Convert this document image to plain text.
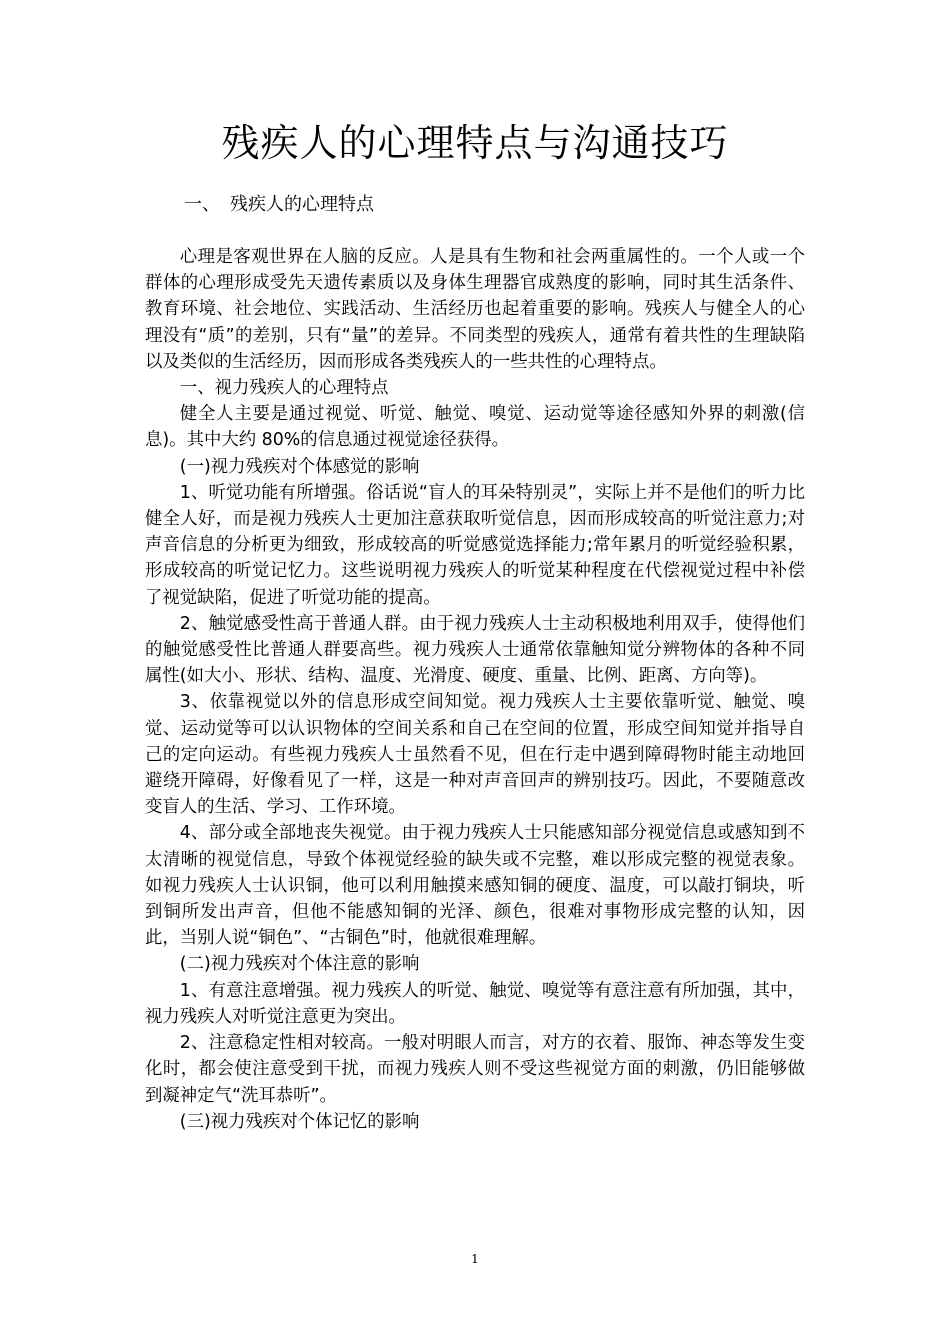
残疾人的心理特点与沟通技巧
一、 残疾人的心理特点

心理是客观世界在人脑的反应。人是具有生物和社会两重属性的。一个人或一个群体的心理形成受先天遗传素质以及身体生理器官成熟度的影响，同时其生活条件、教育环境、社会地位、实践活动、生活经历也起着重要的影响。残疾人与健全人的心理没有“质”的差别，只有“量”的差异。不同类型的残疾人，通常有着共性的生理缺陷以及类似的生活经历，因而形成各类残疾人的一些共性的心理特点。

一、视力残疾人的心理特点

健全人主要是通过视觉、听觉、触觉、嗅觉、运动觉等途径感知外界的刺激(信息)。其中大约 80%的信息通过视觉途径获得。

(一)视力残疾对个体感觉的影响

1、听觉功能有所增强。俗话说“盲人的耳朵特别灵”，实际上并不是他们的听力比健全人好，而是视力残疾人士更加注意获取听觉信息，因而形成较高的听觉注意力;对声音信息的分析更为细致，形成较高的听觉感觉选择能力;常年累月的听觉经验积累，形成较高的听觉记忆力。这些说明视力残疾人的听觉某种程度在代偿视觉过程中补偿了视觉缺陷，促进了听觉功能的提高。

2、触觉感受性高于普通人群。由于视力残疾人士主动积极地利用双手，使得他们的触觉感受性比普通人群要高些。视力残疾人士通常依靠触知觉分辨物体的各种不同属性(如大小、形状、结构、温度、光滑度、硬度、重量、比例、距离、方向等)。

3、依靠视觉以外的信息形成空间知觉。视力残疾人士主要依靠听觉、触觉、嗅觉、运动觉等可以认识物体的空间关系和自己在空间的位置，形成空间知觉并指导自己的定向运动。有些视力残疾人士虽然看不见，但在行走中遇到障碍物时能主动地回避绕开障碍，好像看见了一样，这是一种对声音回声的辨别技巧。因此，不要随意改变盲人的生活、学习、工作环境。

4、部分或全部地丧失视觉。由于视力残疾人士只能感知部分视觉信息或感知到不太清晰的视觉信息，导致个体视觉经验的缺失或不完整，难以形成完整的视觉表象。如视力残疾人士认识铜，他可以利用触摸来感知铜的硬度、温度，可以敲打铜块，听到铜所发出声音，但他不能感知铜的光泽、颜色，很难对事物形成完整的认知，因此，当别人说“铜色”、“古铜色”时，他就很难理解。

(二)视力残疾对个体注意的影响

1、有意注意增强。视力残疾人的听觉、触觉、嗅觉等有意注意有所加强，其中，视力残疾人对听觉注意更为突出。

2、注意稳定性相对较高。一般对明眼人而言，对方的衣着、服饰、神态等发生变化时，都会使注意受到干扰，而视力残疾人则不受这些视觉方面的刺激，仍旧能够做到凝神定气“洗耳恭听”。

(三)视力残疾对个体记忆的影响

1
